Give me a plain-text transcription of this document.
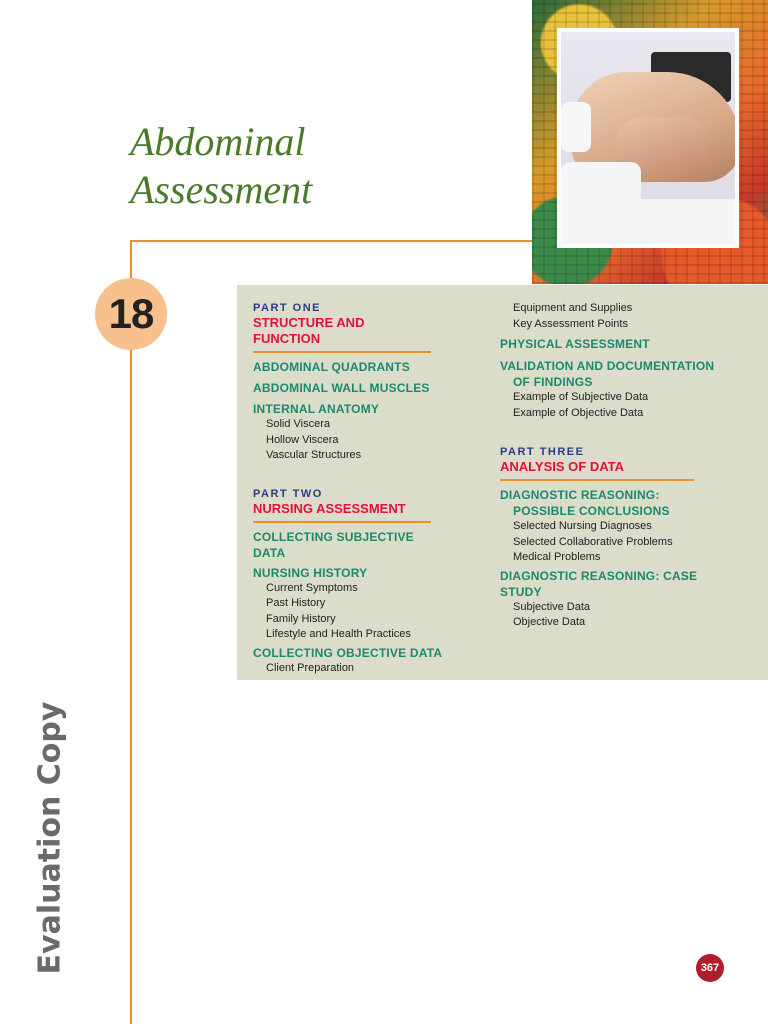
Abdominal
Assessment
18	PART ONE
STRUCTURE AND FUNCTION
ABDOMINAL QUADRANTS
ABDOMINAL WALL MUSCLES
INTERNAL ANATOMY
Solid Viscera
Hollow Viscera
Vascular Structures
PART TWO
NURSING ASSESSMENT
COLLECTING SUBJECTIVE DATA
NURSING HISTORY
Current Symptoms
Past History
Family History
Lifestyle and Health Practices
COLLECTING OBJECTIVE DATA
Client Preparation
Equipment and Supplies
Key Assessment Points
PHYSICAL ASSESSMENT
VALIDATION AND DOCUMENTATION
OF FINDINGS
Example of Subjective Data
Example of Objective Data
PART THREE
ANALYSIS OF DATA
DIAGNOSTIC REASONING:
POSSIBLE CONCLUSIONS
Selected Nursing Diagnoses
Selected Collaborative Problems
Medical Problems
DIAGNOSTIC REASONING: CASE STUDY
Subjective Data
Objective Data
Evaluation Copy	367
